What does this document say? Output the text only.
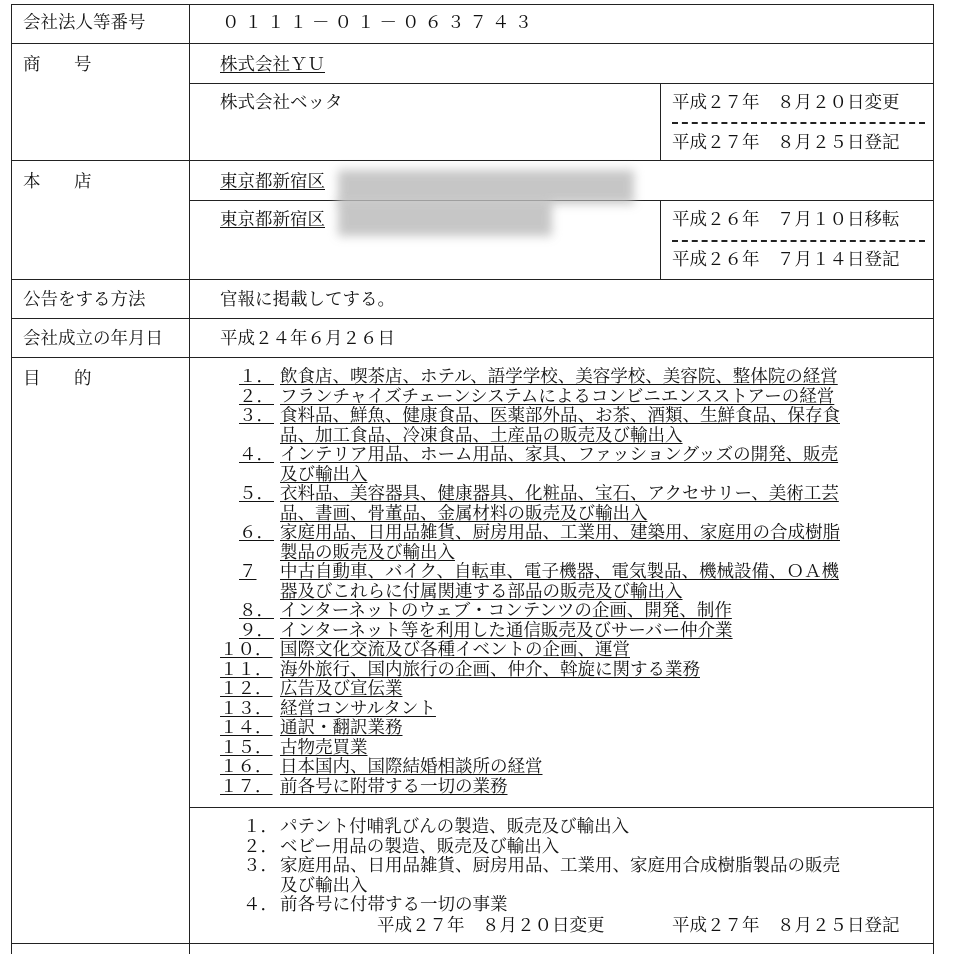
会社法人等番号	０１１１－０１－０６３７４３
商　号	株式会社ＹＵ
株式会社ベッタ	平成２７年　８月２０日変更
平成２７年　８月２５日登記
本　店	東京都新宿区
東京都新宿区	平成２６年　７月１０日移転
平成２６年　７月１４日登記
公告をする方法	官報に掲載してする。
会社成立の年月日	平成２４年６月２６日
目　的	１． 飲食店、喫茶店、ホテル、語学学校、美容学校、美容院、整体院の経営
２． フランチャイズチェーンシステムによるコンビニエンスストアーの経営
３． 食料品、鮮魚、健康食品、医薬部外品、お茶、酒類、生鮮食品、保存食
品、加工食品、冷凍食品、土産品の販売及び輸出入
４． インテリア用品、ホーム用品、家具、ファッショングッズの開発、販売
及び輸出入
５． 衣料品、美容器具、健康器具、化粧品、宝石、アクセサリー、美術工芸
品、書画、骨董品、金属材料の販売及び輸出入
６． 家庭用品、日用品雑貨、厨房用品、工業用、建築用、家庭用の合成樹脂
製品の販売及び輸出入
７ 中古自動車、バイク、自転車、電子機器、電気製品、機械設備、ＯＡ機
器及びこれらに付属関連する部品の販売及び輸出入
８． インターネットのウェブ・コンテンツの企画、開発、制作
９． インターネット等を利用した通信販売及びサーバー仲介業
１０． 国際文化交流及び各種イベントの企画、運営
１１． 海外旅行、国内旅行の企画、仲介、斡旋に関する業務
１２． 広告及び宣伝業
１３． 経営コンサルタント
１４． 通訳・翻訳業務
１５． 古物売買業
１６． 日本国内、国際結婚相談所の経営
１７． 前各号に附帯する一切の業務
１． パテント付哺乳びんの製造、販売及び輸出入
２． ベビー用品の製造、販売及び輸出入
３． 家庭用品、日用品雑貨、厨房用品、工業用、家庭用合成樹脂製品の販売
及び輸出入
４． 前各号に付帯する一切の事業
平成２７年　８月２０日変更	平成２７年　８月２５日登記
